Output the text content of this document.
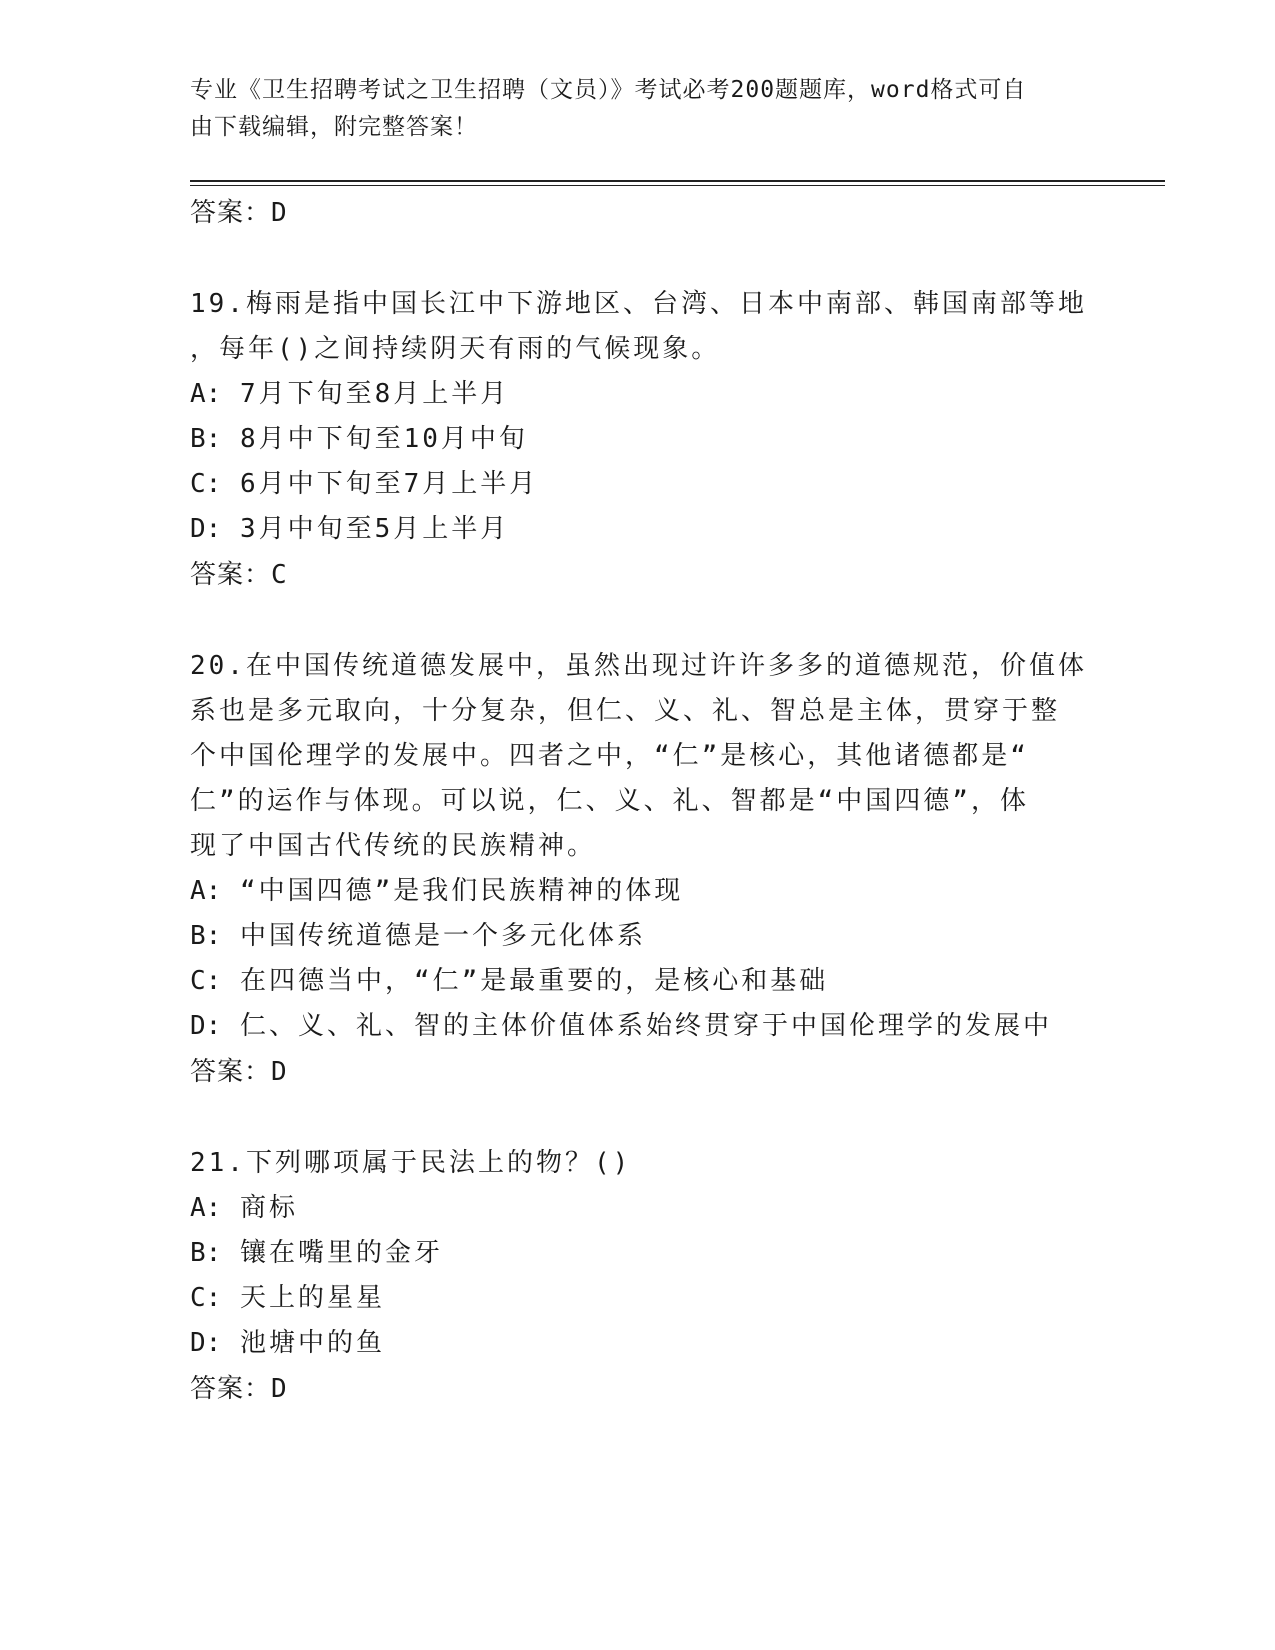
专业《卫生招聘考试之卫生招聘（文员）》考试必考200题题库，word格式可自
由下载编辑，附完整答案！
答案：D
19.梅雨是指中国长江中下游地区、台湾、日本中南部、韩国南部等地
，每年()之间持续阴天有雨的气候现象。
A: 7月下旬至8月上半月
B: 8月中下旬至10月中旬
C: 6月中下旬至7月上半月
D: 3月中旬至5月上半月
答案：C
20.在中国传统道德发展中，虽然出现过许许多多的道德规范，价值体
系也是多元取向，十分复杂，但仁、义、礼、智总是主体，贯穿于整
个中国伦理学的发展中。四者之中，“仁”是核心，其他诸德都是“
仁”的运作与体现。可以说，仁、义、礼、智都是“中国四德”，体
现了中国古代传统的民族精神。
A: “中国四德”是我们民族精神的体现
B: 中国传统道德是一个多元化体系
C: 在四德当中，“仁”是最重要的，是核心和基础
D: 仁、义、礼、智的主体价值体系始终贯穿于中国伦理学的发展中
答案：D
21.下列哪项属于民法上的物？()
A: 商标
B: 镶在嘴里的金牙
C: 天上的星星
D: 池塘中的鱼
答案：D
